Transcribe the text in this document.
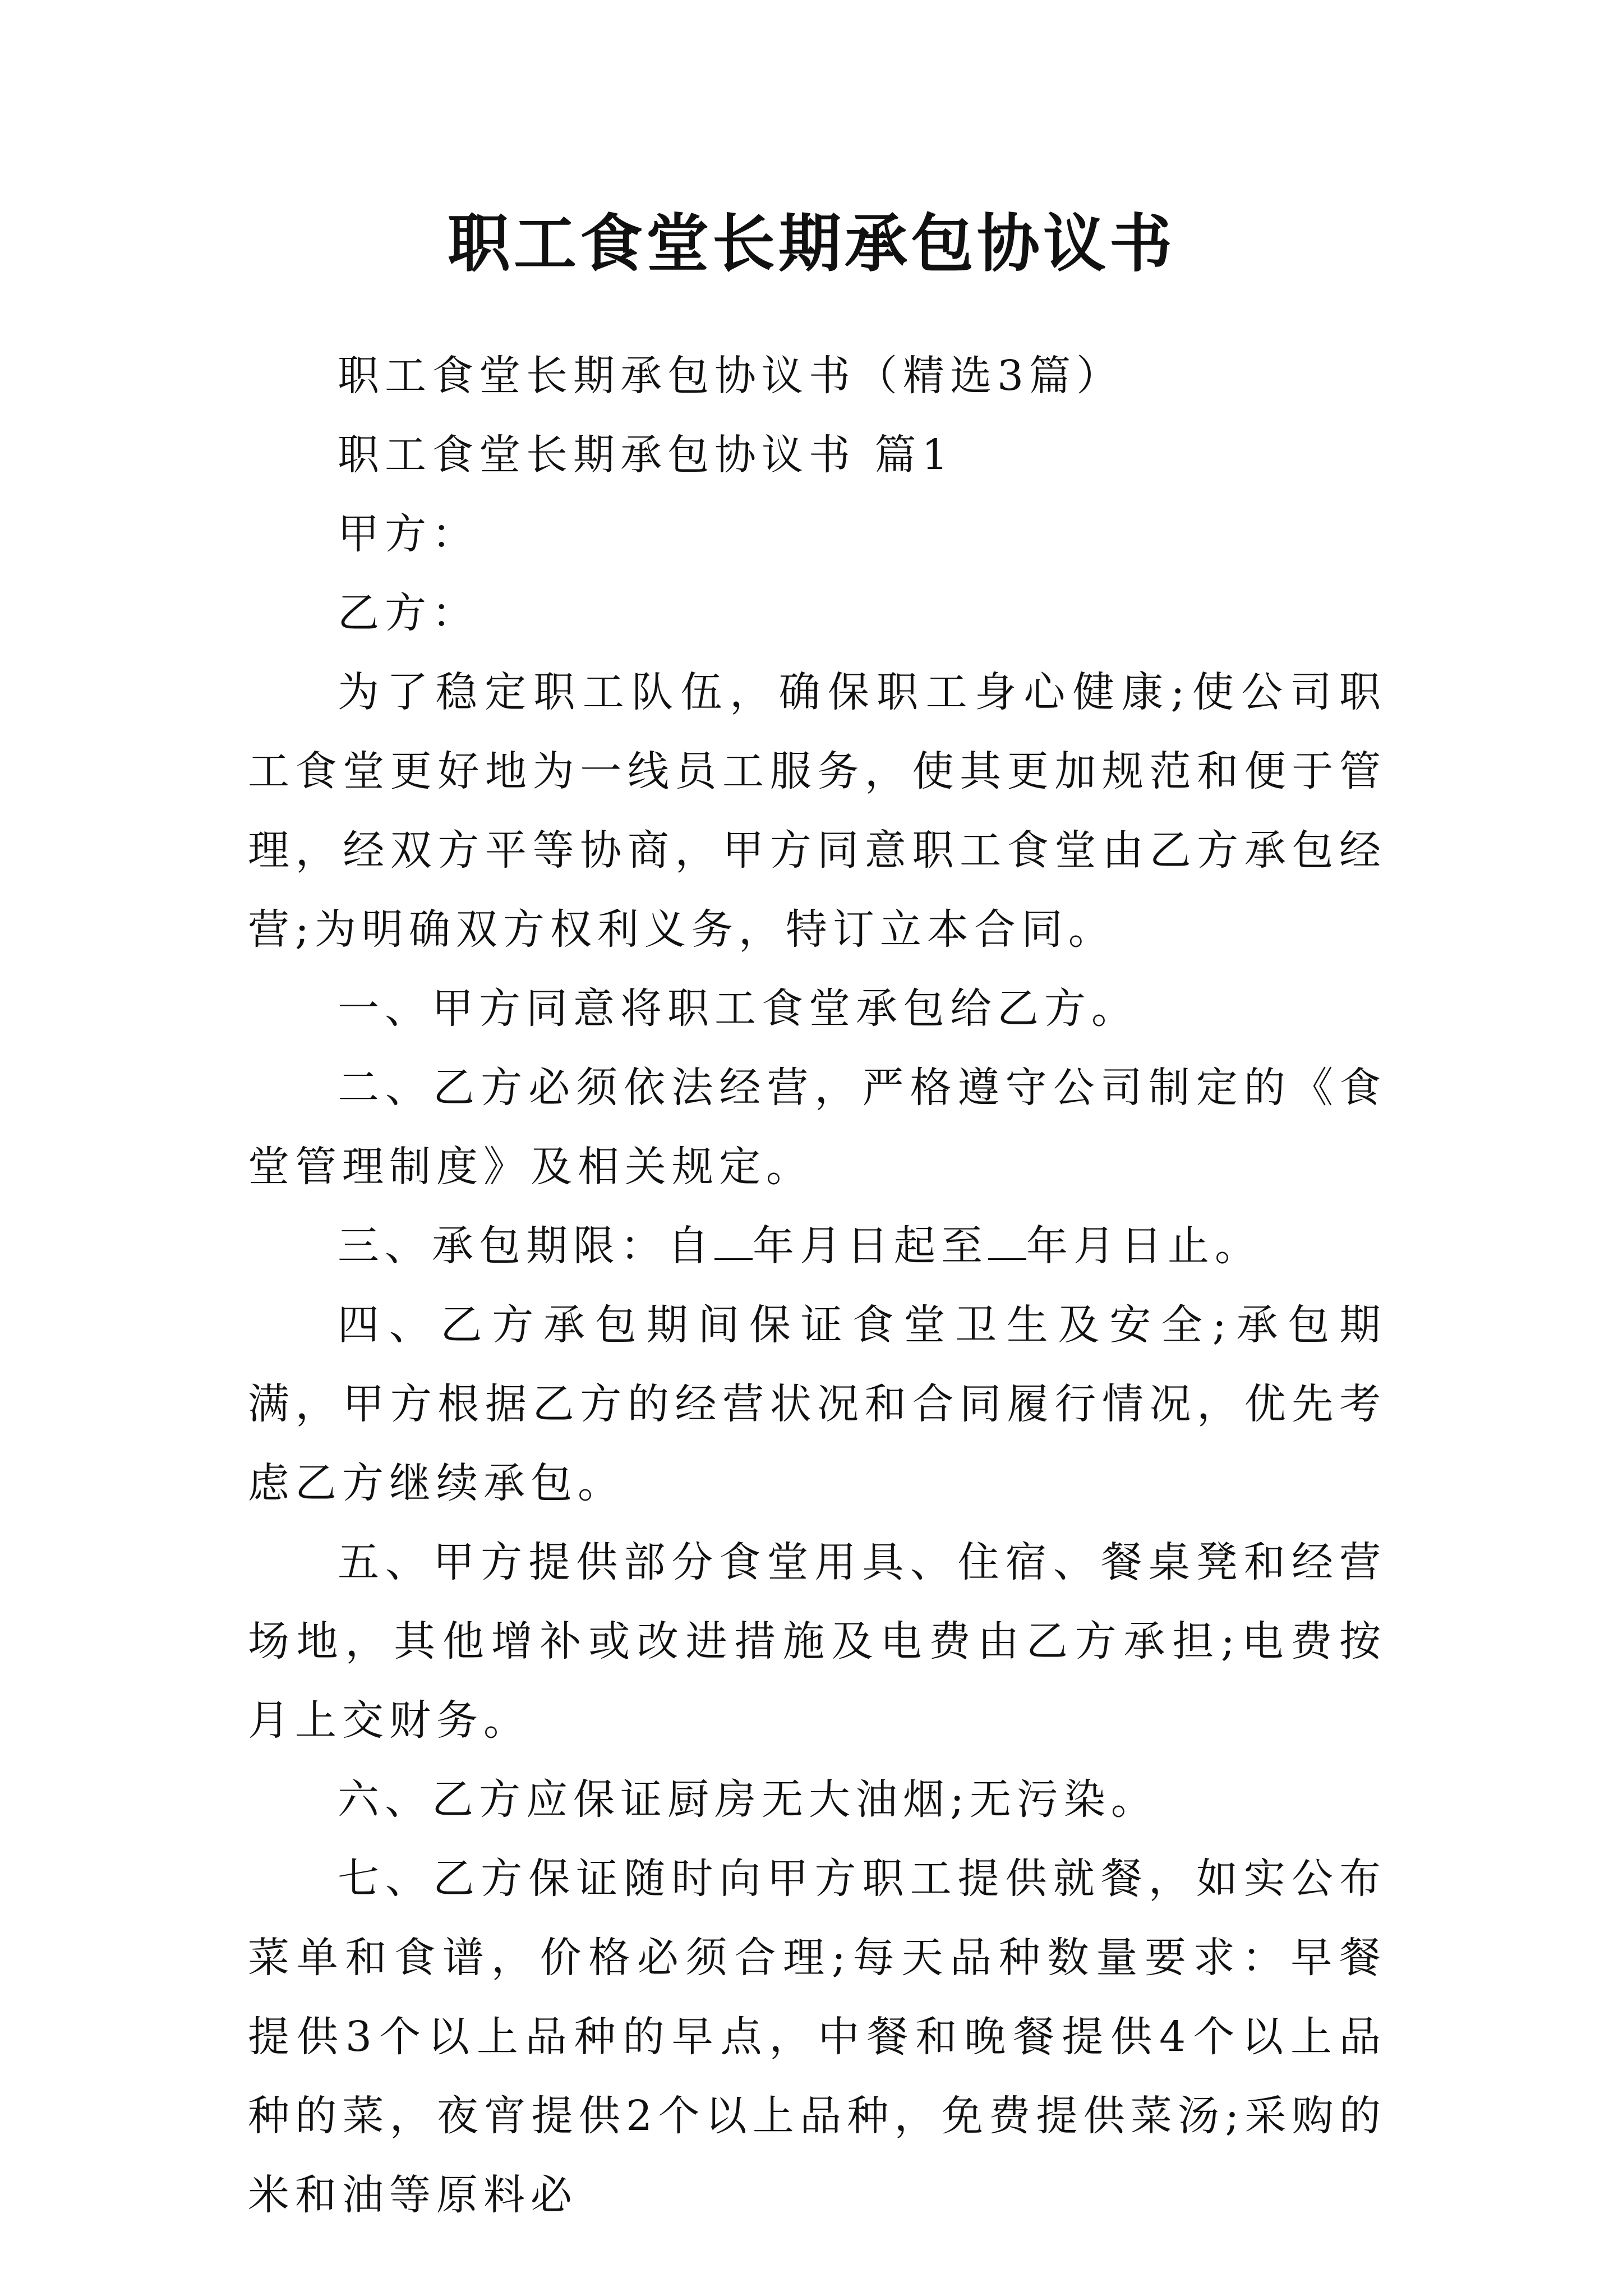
职工食堂长期承包协议书

职工食堂长期承包协议书（精选3篇）

职工食堂长期承包协议书 篇1

甲方：

乙方：

为了稳定职工队伍，确保职工身心健康;使公司职工食堂更好地为一线员工服务，使其更加规范和便于管理，经双方平等协商，甲方同意职工食堂由乙方承包经营;为明确双方权利义务，特订立本合同。

一、甲方同意将职工食堂承包给乙方。

二、乙方必须依法经营，严格遵守公司制定的《食堂管理制度》及相关规定。

三、承包期限：自 年月日起至 年月日止。

四、乙方承包期间保证食堂卫生及安全;承包期满，甲方根据乙方的经营状况和合同履行情况，优先考虑乙方继续承包。

五、甲方提供部分食堂用具、住宿、餐桌凳和经营场地，其他增补或改进措施及电费由乙方承担;电费按月上交财务。

六、乙方应保证厨房无大油烟;无污染。

七、乙方保证随时向甲方职工提供就餐，如实公布菜单和食谱，价格必须合理;每天品种数量要求：早餐提供3个以上品种的早点，中餐和晚餐提供4个以上品种的菜，夜宵提供2个以上品种，免费提供菜汤;采购的米和油等原料必
